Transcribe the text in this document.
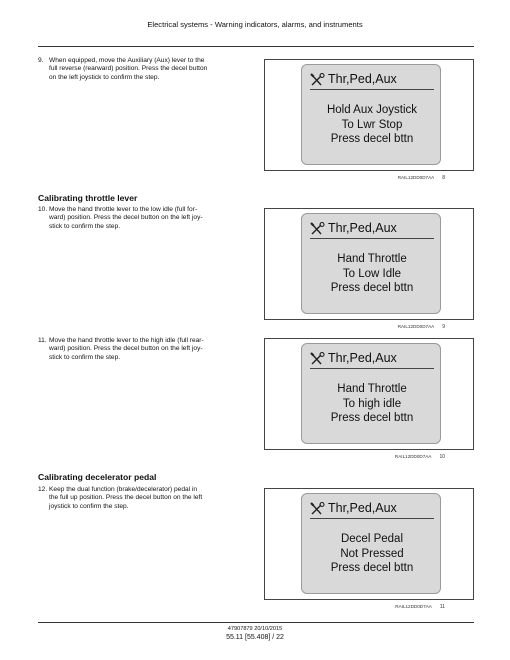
Electrical systems - Warning indicators, alarms, and instruments
9. When equipped, move the Auxiliary (Aux) lever to the
full reverse (rearward) position. Press the decel button
on the left joystick to confirm the step.	Thr,Ped,Aux
Hold Aux Joystick
To Lwr Stop
Press decel bttn
RAIL12DD0D7AA 8
Calibrating throttle lever
10. Move the hand throttle lever to the low idle (full for-
ward) position. Press the decel button on the left joy-
stick to confirm the step.	Thr,Ped,Aux
Hand Throttle
To Low Idle
Press decel bttn
RAIL12DD0D7AA 9
11. Move the hand throttle lever to the high idle (full rear-
ward) position. Press the decel button on the left joy-
stick to confirm the step.	Thr,Ped,Aux
Hand Throttle
To high idle
Press decel bttn
RAIL12DD0D7AA 10
Calibrating decelerator pedal
12. Keep the dual function (brake/decelerator) pedal in
the full up position. Press the decel button on the left
joystick to confirm the step.	Thr,Ped,Aux
Decel Pedal
Not Pressed
Press decel bttn
RAIL12DD0D7AA 11
47907879 20/10/2015
55.11 [55.408] / 22
